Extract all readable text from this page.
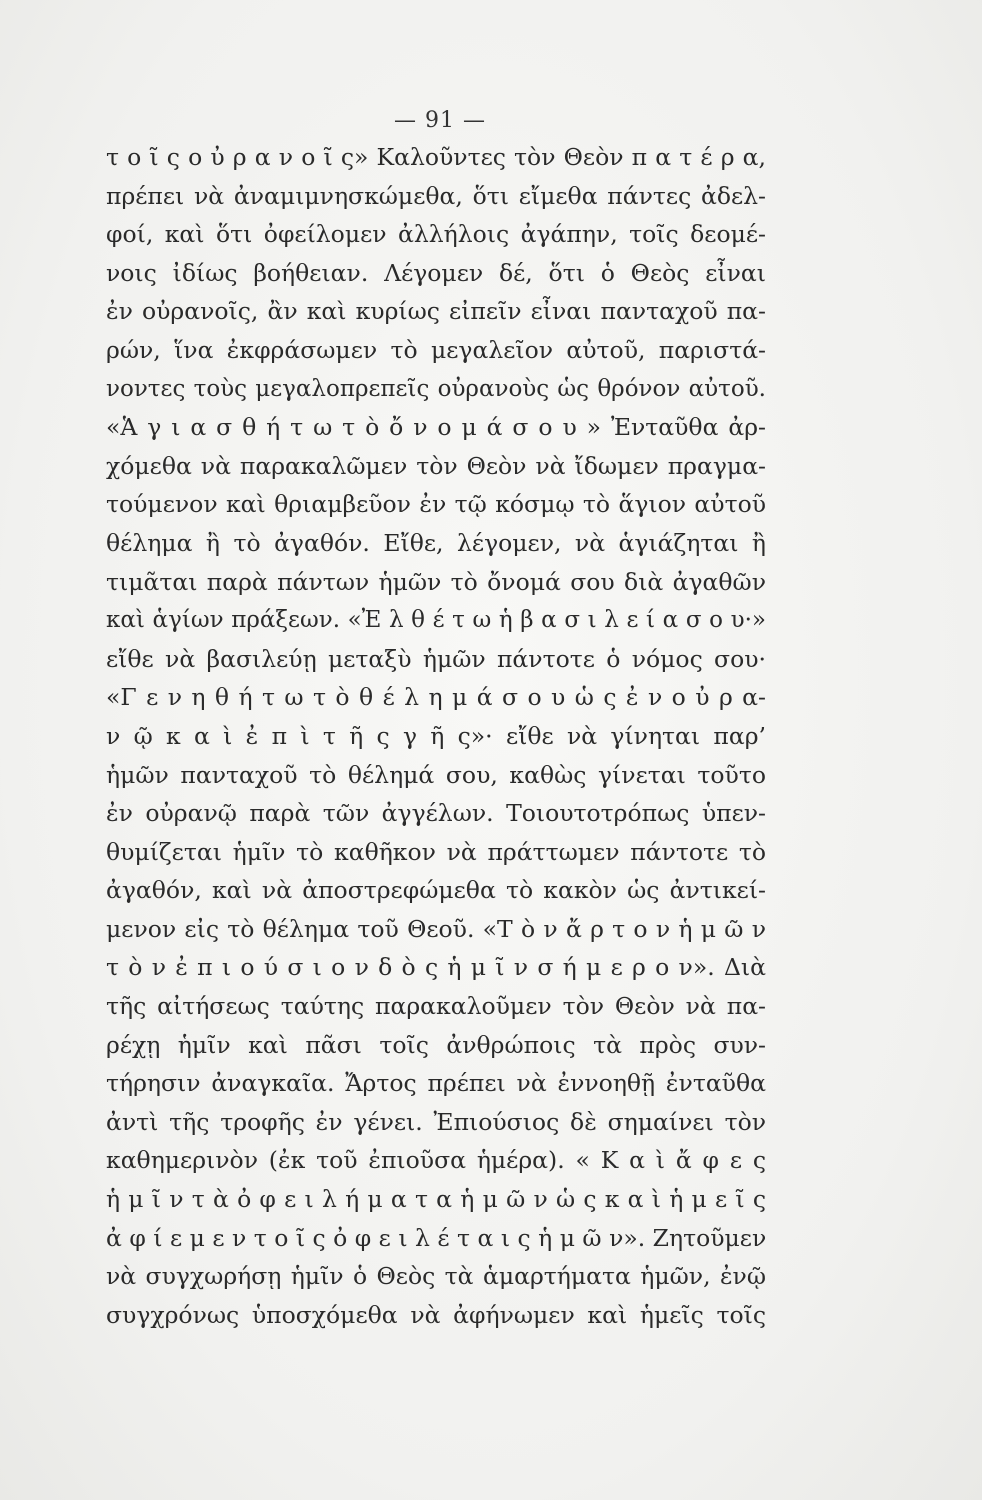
— 91 —
τ ο ῖ ς ο ὐ ρ α ν ο ῖ ς» Καλοῦντες τὸν Θεὸν π α τ έ ρ α,
πρέπει νὰ ἀναμιμνησκώμεθα, ὅτι εἴμεθα πάντες ἀδελ-
φοί, καὶ ὅτι ὀφείλομεν ἀλλήλοις ἀγάπην, τοῖς δεομέ-
νοις ἰδίως βοήθειαν. Λέγομεν δέ, ὅτι ὁ Θεὸς εἶναι
ἐν οὐρανοῖς, ἂν καὶ κυρίως εἰπεῖν εἶναι πανταχοῦ πα-
ρών, ἵνα ἐκφράσωμεν τὸ μεγαλεῖον αὐτοῦ, παριστά-
νοντες τοὺς μεγαλοπρεπεῖς οὐρανοὺς ὡς θρόνον αὐτοῦ.
«Ἁ γ ι α σ θ ή τ ω τ ὸ ὄ ν ο μ ά σ ο υ » Ἐνταῦθα ἀρ-
χόμεθα νὰ παρακαλῶμεν τὸν Θεὸν νὰ ἴδωμεν πραγμα-
τούμενον καὶ θριαμβεῦον ἐν τῷ κόσμῳ τὸ ἅγιον αὐτοῦ
θέλημα ἢ τὸ ἀγαθόν. Εἴθε, λέγομεν, νὰ ἁγιάζηται ἢ
τιμᾶται παρὰ πάντων ἡμῶν τὸ ὄνομά σου διὰ ἀγαθῶν
καὶ ἁγίων πράξεων. «Ἐ λ θ έ τ ω ἡ β α σ ι λ ε ί α σ ο υ·»
εἴθε νὰ βασιλεύῃ μεταξὺ ἡμῶν πάντοτε ὁ νόμος σου·
«Γ ε ν η θ ή τ ω τ ὸ θ έ λ η μ ά σ ο υ ὡ ς ἐ ν ο ὐ ρ α-
ν ῷ κ α ὶ ἐ π ὶ τ ῆ ς γ ῆ ς»· εἴθε νὰ γίνηται παρ’
ἡμῶν πανταχοῦ τὸ θέλημά σου, καθὼς γίνεται τοῦτο
ἐν οὐρανῷ παρὰ τῶν ἀγγέλων. Τοιουτοτρόπως ὑπεν-
θυμίζεται ἡμῖν τὸ καθῆκον νὰ πράττωμεν πάντοτε τὸ
ἀγαθόν, καὶ νὰ ἀποστρεφώμεθα τὸ κακὸν ὡς ἀντικεί-
μενον εἰς τὸ θέλημα τοῦ Θεοῦ. «Τ ὸ ν ἄ ρ τ ο ν ἡ μ ῶ ν
τ ὸ ν ἐ π ι ο ύ σ ι ο ν δ ὸ ς ἡ μ ῖ ν σ ή μ ε ρ ο ν». Διὰ
τῆς αἰτήσεως ταύτης παρακαλοῦμεν τὸν Θεὸν νὰ πα-
ρέχῃ ἡμῖν καὶ πᾶσι τοῖς ἀνθρώποις τὰ πρὸς συν-
τήρησιν ἀναγκαῖα. Ἄρτος πρέπει νὰ ἐννοηθῇ ἐνταῦθα
ἀντὶ τῆς τροφῆς ἐν γένει. Ἐπιούσιος δὲ σημαίνει τὸν
καθημερινὸν (ἐκ τοῦ ἐπιοῦσα ἡμέρα). « Κ α ὶ ἄ φ ε ς
ἡ μ ῖ ν τ ὰ ὀ φ ε ι λ ή μ α τ α ἡ μ ῶ ν ὡ ς κ α ὶ ἡ μ ε ῖ ς
ἀ φ ί ε μ ε ν τ ο ῖ ς ὀ φ ε ι λ έ τ α ι ς ἡ μ ῶ ν». Ζητοῦμεν
νὰ συγχωρήσῃ ἡμῖν ὁ Θεὸς τὰ ἁμαρτήματα ἡμῶν, ἐνῷ
συγχρόνως ὑποσχόμεθα νὰ ἀφήνωμεν καὶ ἡμεῖς τοῖς
